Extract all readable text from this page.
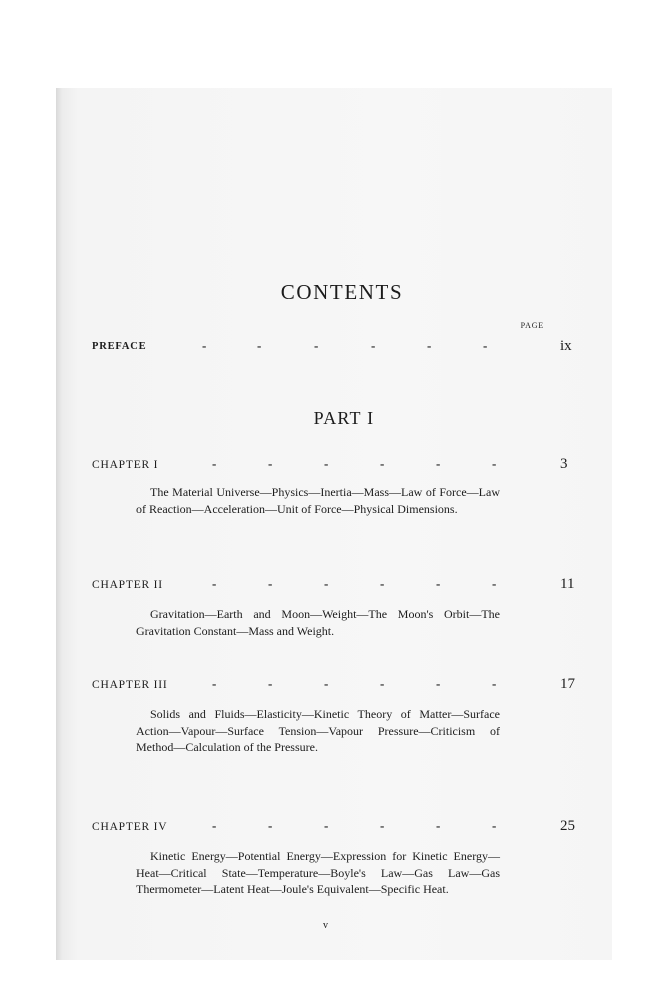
CONTENTS
PAGE
PREFACE	-	-	-	-	-	-	ix
PART I
CHAPTER I	-	-	-	-	-	-	3
The Material Universe—Physics—Inertia—Mass—Law of Force—Law of Reaction—Acceleration—Unit of Force—Physical Dimensions.
CHAPTER II	-	-	-	-	-	-	11
Gravitation—Earth and Moon—Weight—The Moon's Orbit—The Gravitation Constant—Mass and Weight.
CHAPTER III	-	-	-	-	-	-	17
Solids and Fluids—Elasticity—Kinetic Theory of Matter—Surface Action—Vapour—Surface Tension—Vapour Pressure—Criticism of Method—Calculation of the Pressure.
CHAPTER IV	-	-	-	-	-	-	25
Kinetic Energy—Potential Energy—Expression for Kinetic Energy—Heat—Critical State—Temperature—Boyle's Law—Gas Law—Gas Thermometer—Latent Heat—Joule's Equivalent—Specific Heat.
v
